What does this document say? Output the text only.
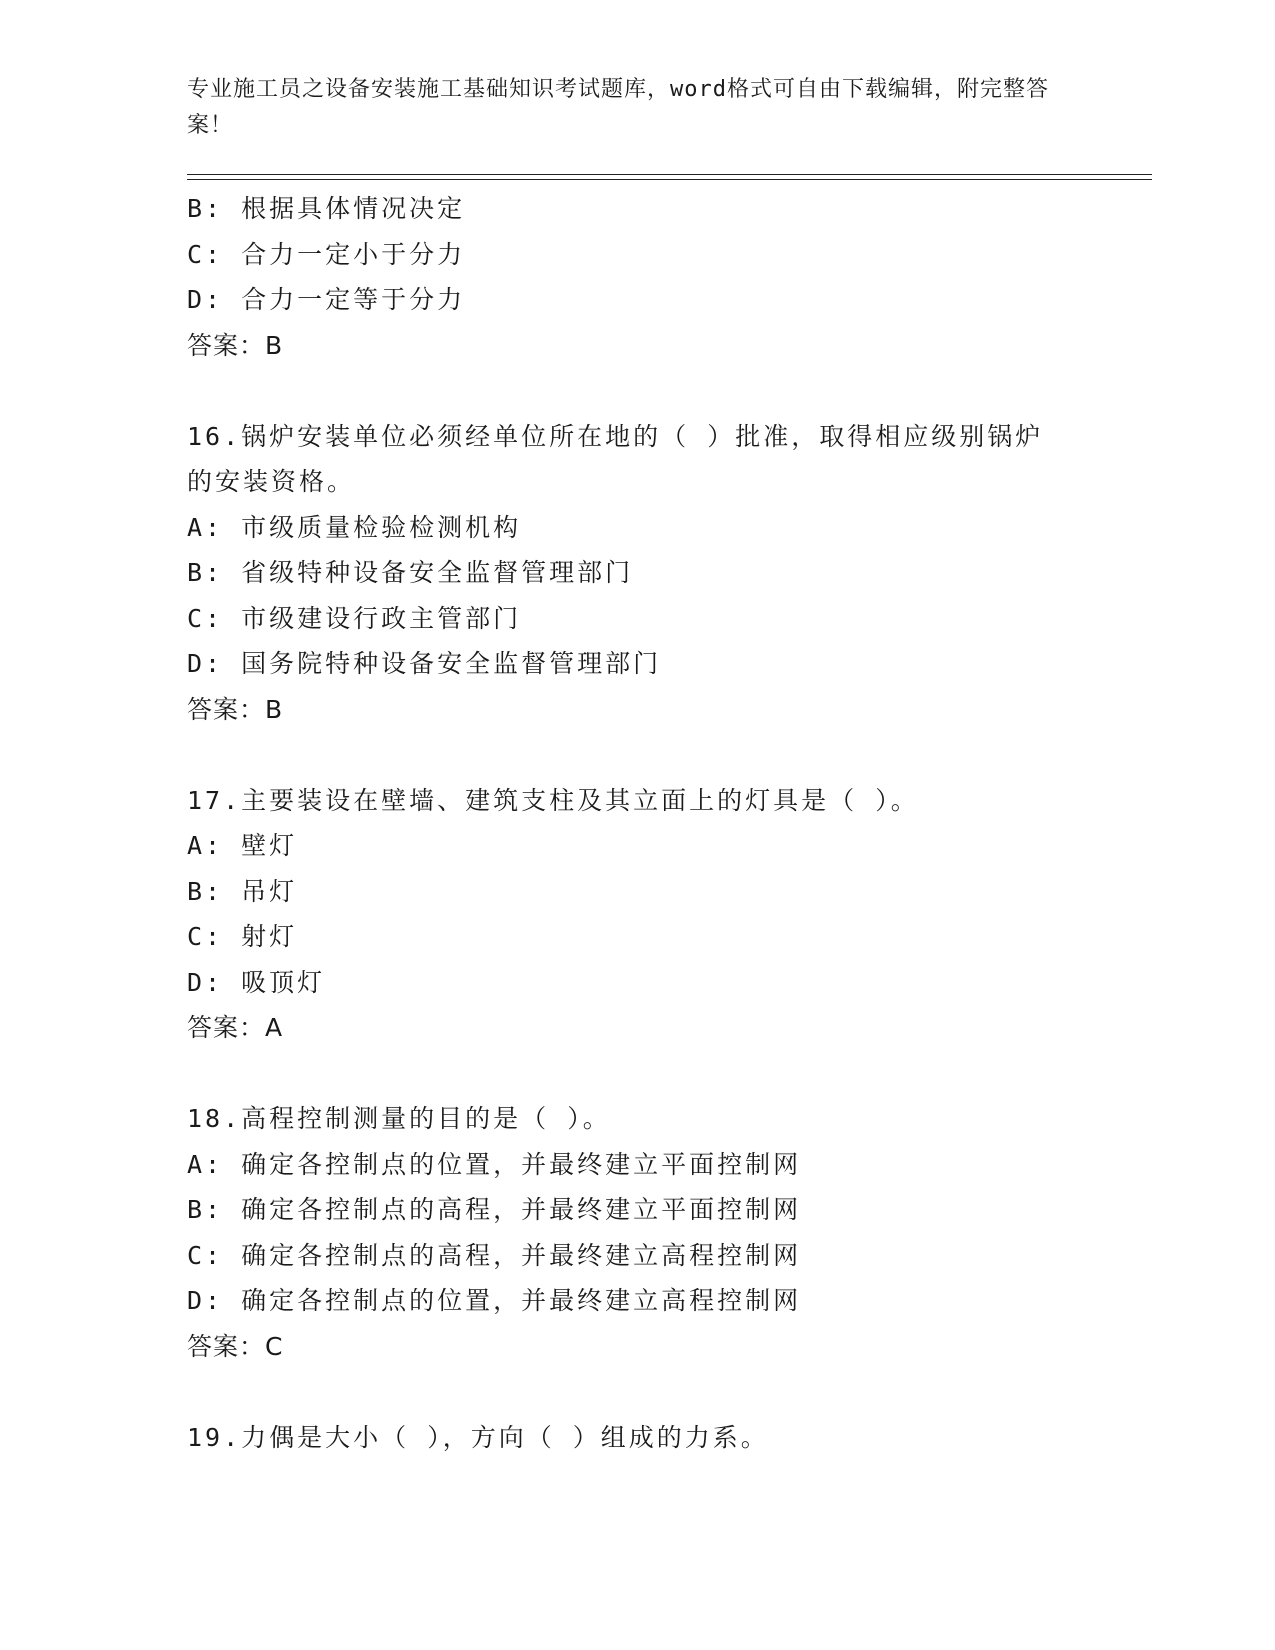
专业施工员之设备安装施工基础知识考试题库，word格式可自由下载编辑，附完整答案！
B: 根据具体情况决定
C: 合力一定小于分力
D: 合力一定等于分力
答案：B
16.锅炉安装单位必须经单位所在地的（ ）批准，取得相应级别锅炉
的安装资格。
A: 市级质量检验检测机构
B: 省级特种设备安全监督管理部门
C: 市级建设行政主管部门
D: 国务院特种设备安全监督管理部门
答案：B
17.主要装设在壁墙、建筑支柱及其立面上的灯具是（ ）。
A: 壁灯
B: 吊灯
C: 射灯
D: 吸顶灯
答案：A
18.高程控制测量的目的是（ ）。
A: 确定各控制点的位置，并最终建立平面控制网
B: 确定各控制点的高程，并最终建立平面控制网
C: 确定各控制点的高程，并最终建立高程控制网
D: 确定各控制点的位置，并最终建立高程控制网
答案：C
19.力偶是大小（ ），方向（ ）组成的力系。
